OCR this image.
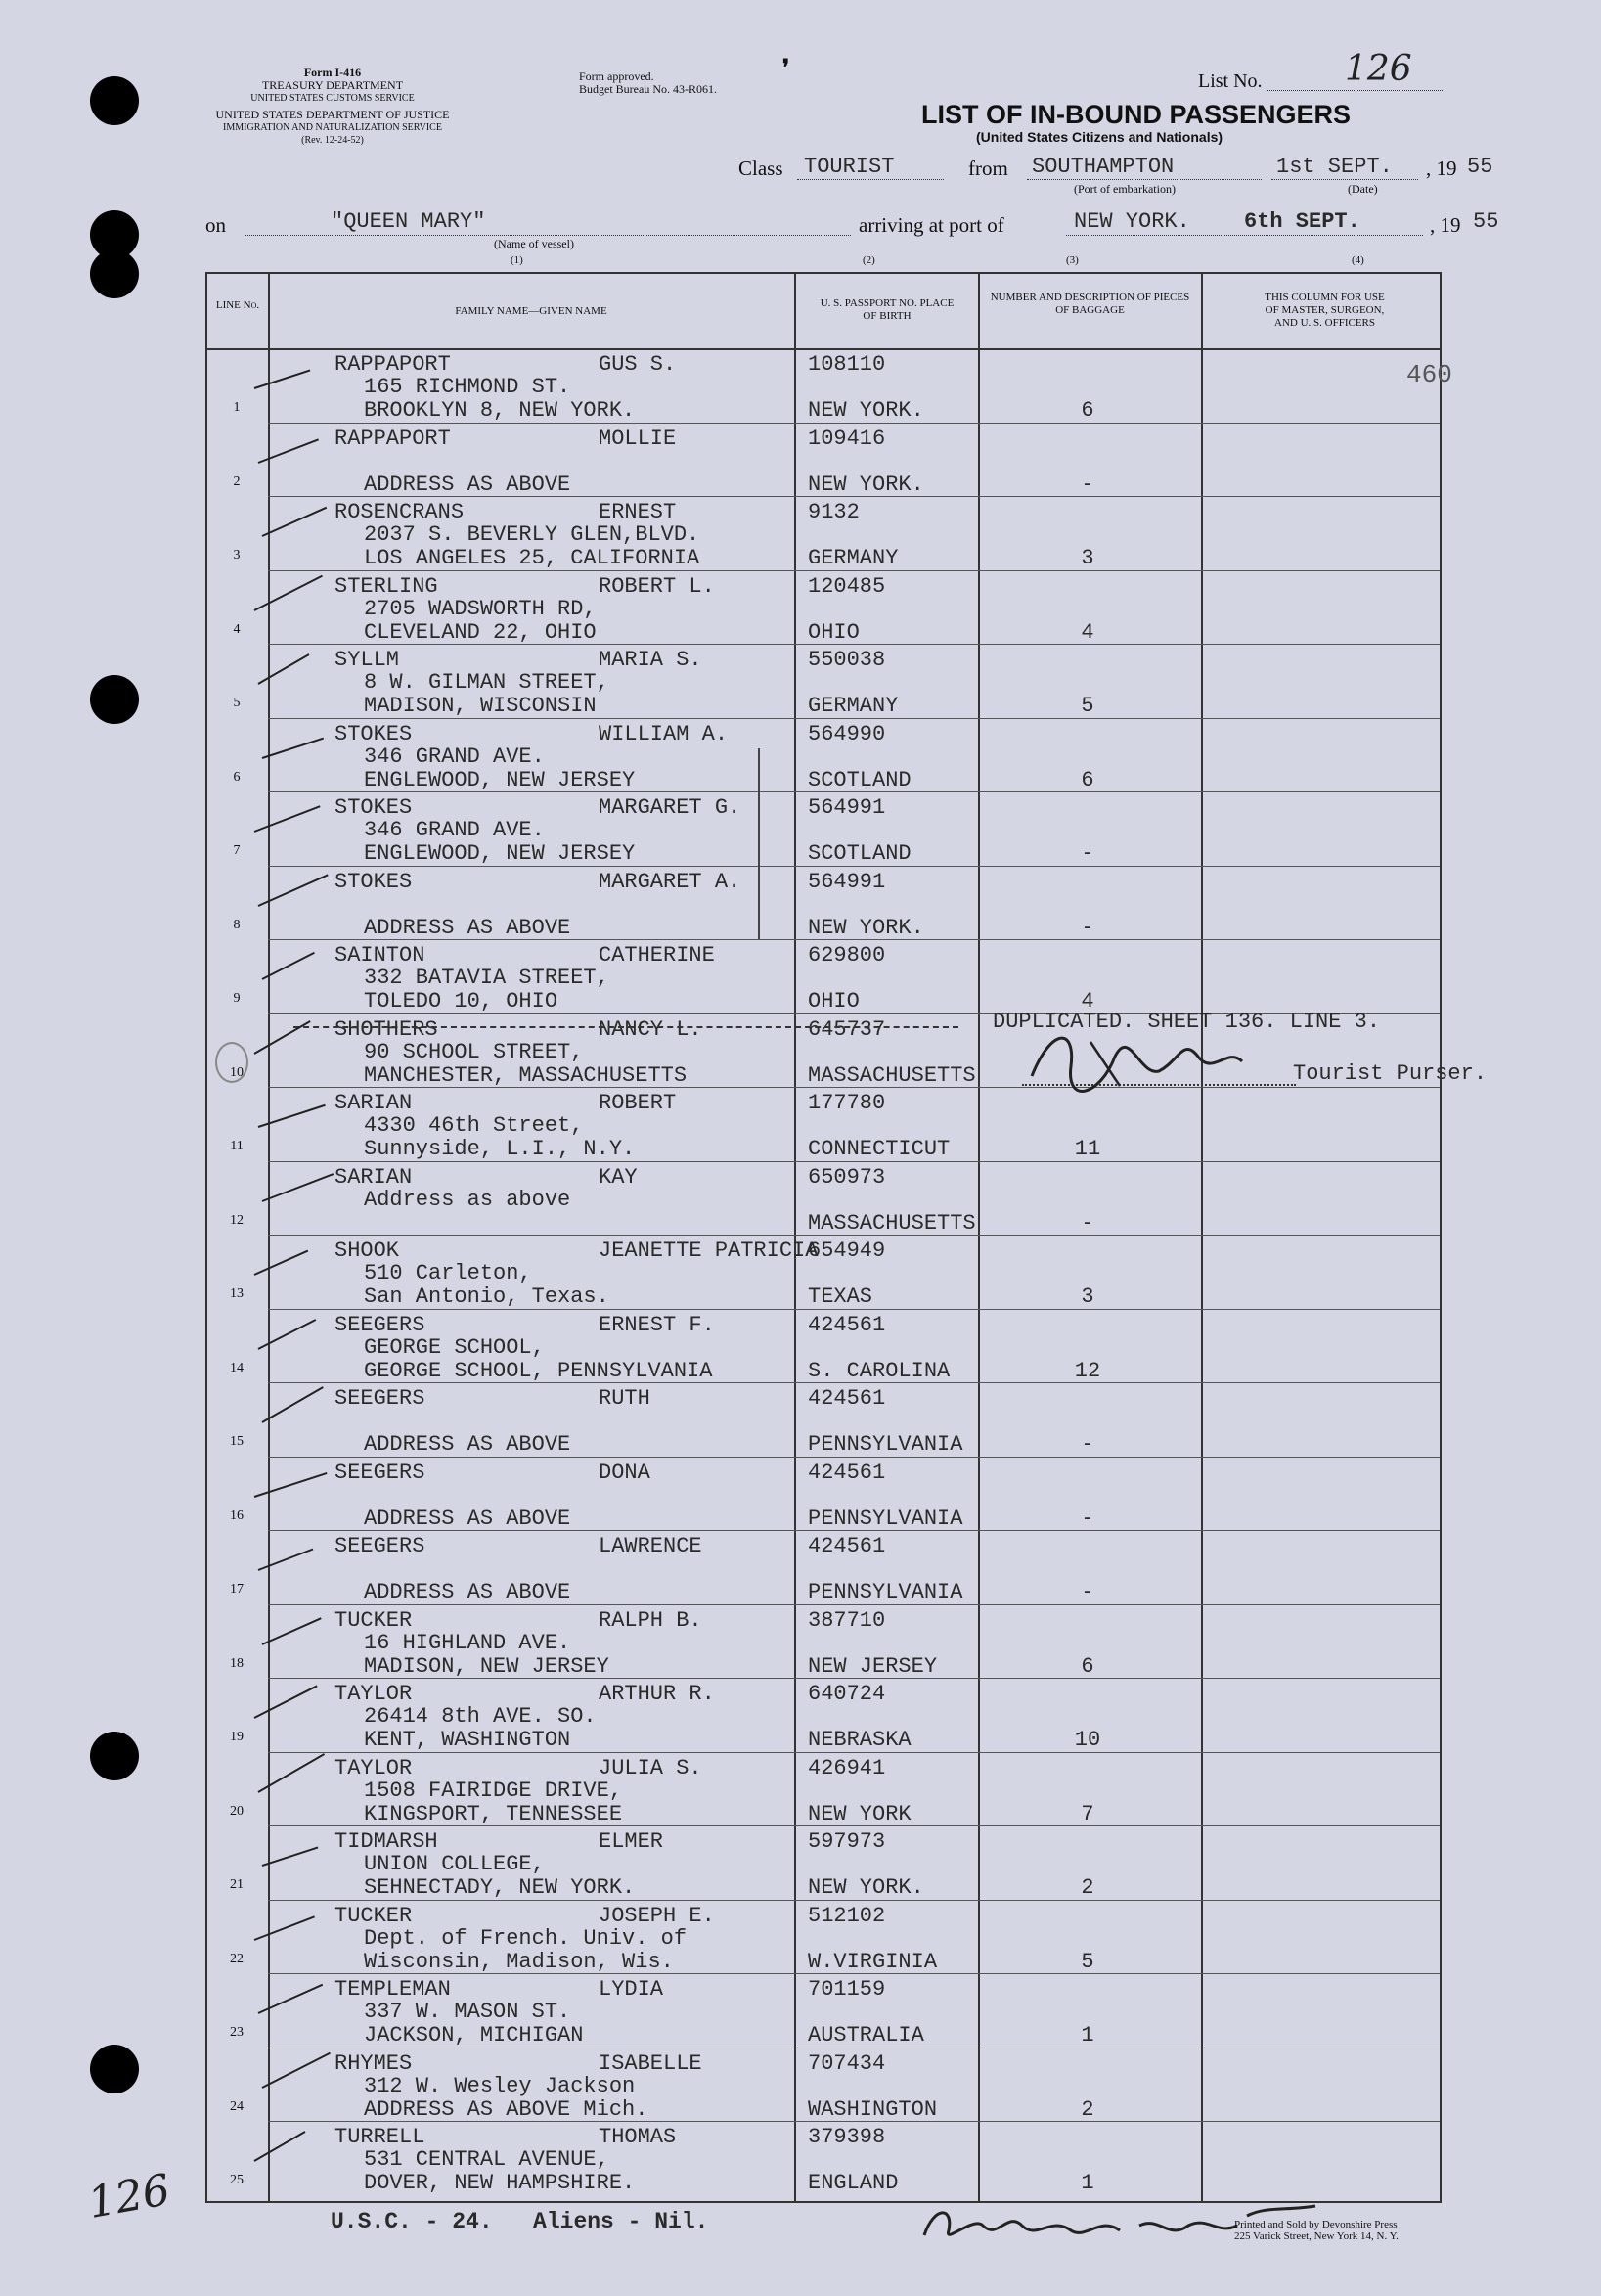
Form I-416
TREASURY DEPARTMENT
UNITED STATES CUSTOMS SERVICE
UNITED STATES DEPARTMENT OF JUSTICE
IMMIGRATION AND NATURALIZATION SERVICE
(Rev. 12-24-52)
Form approved.
Budget Bureau No. 43-R061.
❜
List No. 126
LIST OF IN-BOUND PASSENGERS
(United States Citizens and Nationals)
Class TOURIST	from SOUTHAMPTON
(Port of embarkation)
1st SEPT. , 19 55
(Date)
on	"QUEEN MARY"
(Name of vessel)
arriving at port of	NEW YORK.	6th SEPT.	, 19 55
(1)	(2)	(3)	(4)
LINE No.	FAMILY NAME—GIVEN NAME
U. S. PASSPORT NO. PLACE OF BIRTH
NUMBER AND DESCRIPTION OF PIECES OF BAGGAGE
THIS COLUMN FOR USE OF MASTER, SURGEON, AND U. S. OFFICERS
1
RAPPAPORT	GUS S.
165 RICHMOND ST.
BROOKLYN 8, NEW YORK.
108110
NEW YORK.	6
2
RAPPAPORT	MOLLIE
ADDRESS AS ABOVE
109416
NEW YORK.	-
3
ROSENCRANS	ERNEST
2037 S. BEVERLY GLEN,BLVD.
LOS ANGELES 25, CALIFORNIA
9132
GERMANY	3
4
STERLING	ROBERT L.
2705 WADSWORTH RD,
CLEVELAND 22, OHIO
120485
OHIO	4
5
SYLLM	MARIA S.
8 W. GILMAN STREET,
MADISON, WISCONSIN
550038
GERMANY	5
6
STOKES	WILLIAM A.
346 GRAND AVE.
ENGLEWOOD, NEW JERSEY
564990
SCOTLAND	6
7
STOKES	MARGARET G.
346 GRAND AVE.
ENGLEWOOD, NEW JERSEY
564991
SCOTLAND	-
8
STOKES	MARGARET A.
ADDRESS AS ABOVE
564991
NEW YORK.	-
9
SAINTON	CATHERINE
332 BATAVIA STREET,
TOLEDO 10, OHIO
629800
OHIO	4
10
SHOTHERS	NANCY L.
90 SCHOOL STREET,
MANCHESTER, MASSACHUSETTS
645737
MASSACHUSETTS
11
SARIAN	ROBERT
4330 46th Street,
Sunnyside, L.I., N.Y.
177780
CONNECTICUT	11
12
SARIAN	KAY
Address as above
650973
MASSACHUSETTS	-
13
SHOOK	JEANETTE PATRICIA
510 Carleton,
San Antonio, Texas.
654949
TEXAS	3
14
SEEGERS	ERNEST F.
GEORGE SCHOOL,
GEORGE SCHOOL, PENNSYLVANIA
424561
S. CAROLINA	12
15
SEEGERS	RUTH
ADDRESS AS ABOVE
424561
PENNSYLVANIA	-
16
SEEGERS	DONA
ADDRESS AS ABOVE
424561
PENNSYLVANIA	-
17
SEEGERS	LAWRENCE
ADDRESS AS ABOVE
424561
PENNSYLVANIA	-
18
TUCKER	RALPH B.
16 HIGHLAND AVE.
MADISON, NEW JERSEY
387710
NEW JERSEY	6
19
TAYLOR	ARTHUR R.
26414 8th AVE. SO.
KENT, WASHINGTON
640724
NEBRASKA	10
20
TAYLOR	JULIA S.
1508 FAIRIDGE DRIVE,
KINGSPORT, TENNESSEE
426941
NEW YORK	7
21
TIDMARSH	ELMER
UNION COLLEGE,
SEHNECTADY, NEW YORK.
597973
NEW YORK.	2
22
TUCKER	JOSEPH E.
Dept. of French. Univ. of
Wisconsin, Madison, Wis.
512102
W.VIRGINIA	5
23
TEMPLEMAN	LYDIA
337 W. MASON ST.
JACKSON, MICHIGAN
701159
AUSTRALIA	1
24
RHYMES	ISABELLE
312 W. Wesley Jackson
ADDRESS AS ABOVE Mich.
707434
WASHINGTON	2
25
TURRELL	THOMAS
531 CENTRAL AVENUE,
DOVER, NEW HAMPSHIRE.
379398
ENGLAND	1
460
DUPLICATED. SHEET 136. LINE 3.
Tourist Purser.
126	U.S.C. - 24.   Aliens - Nil.	Printed and Sold by Devonshire Press
225 Varick Street, New York 14, N. Y.
